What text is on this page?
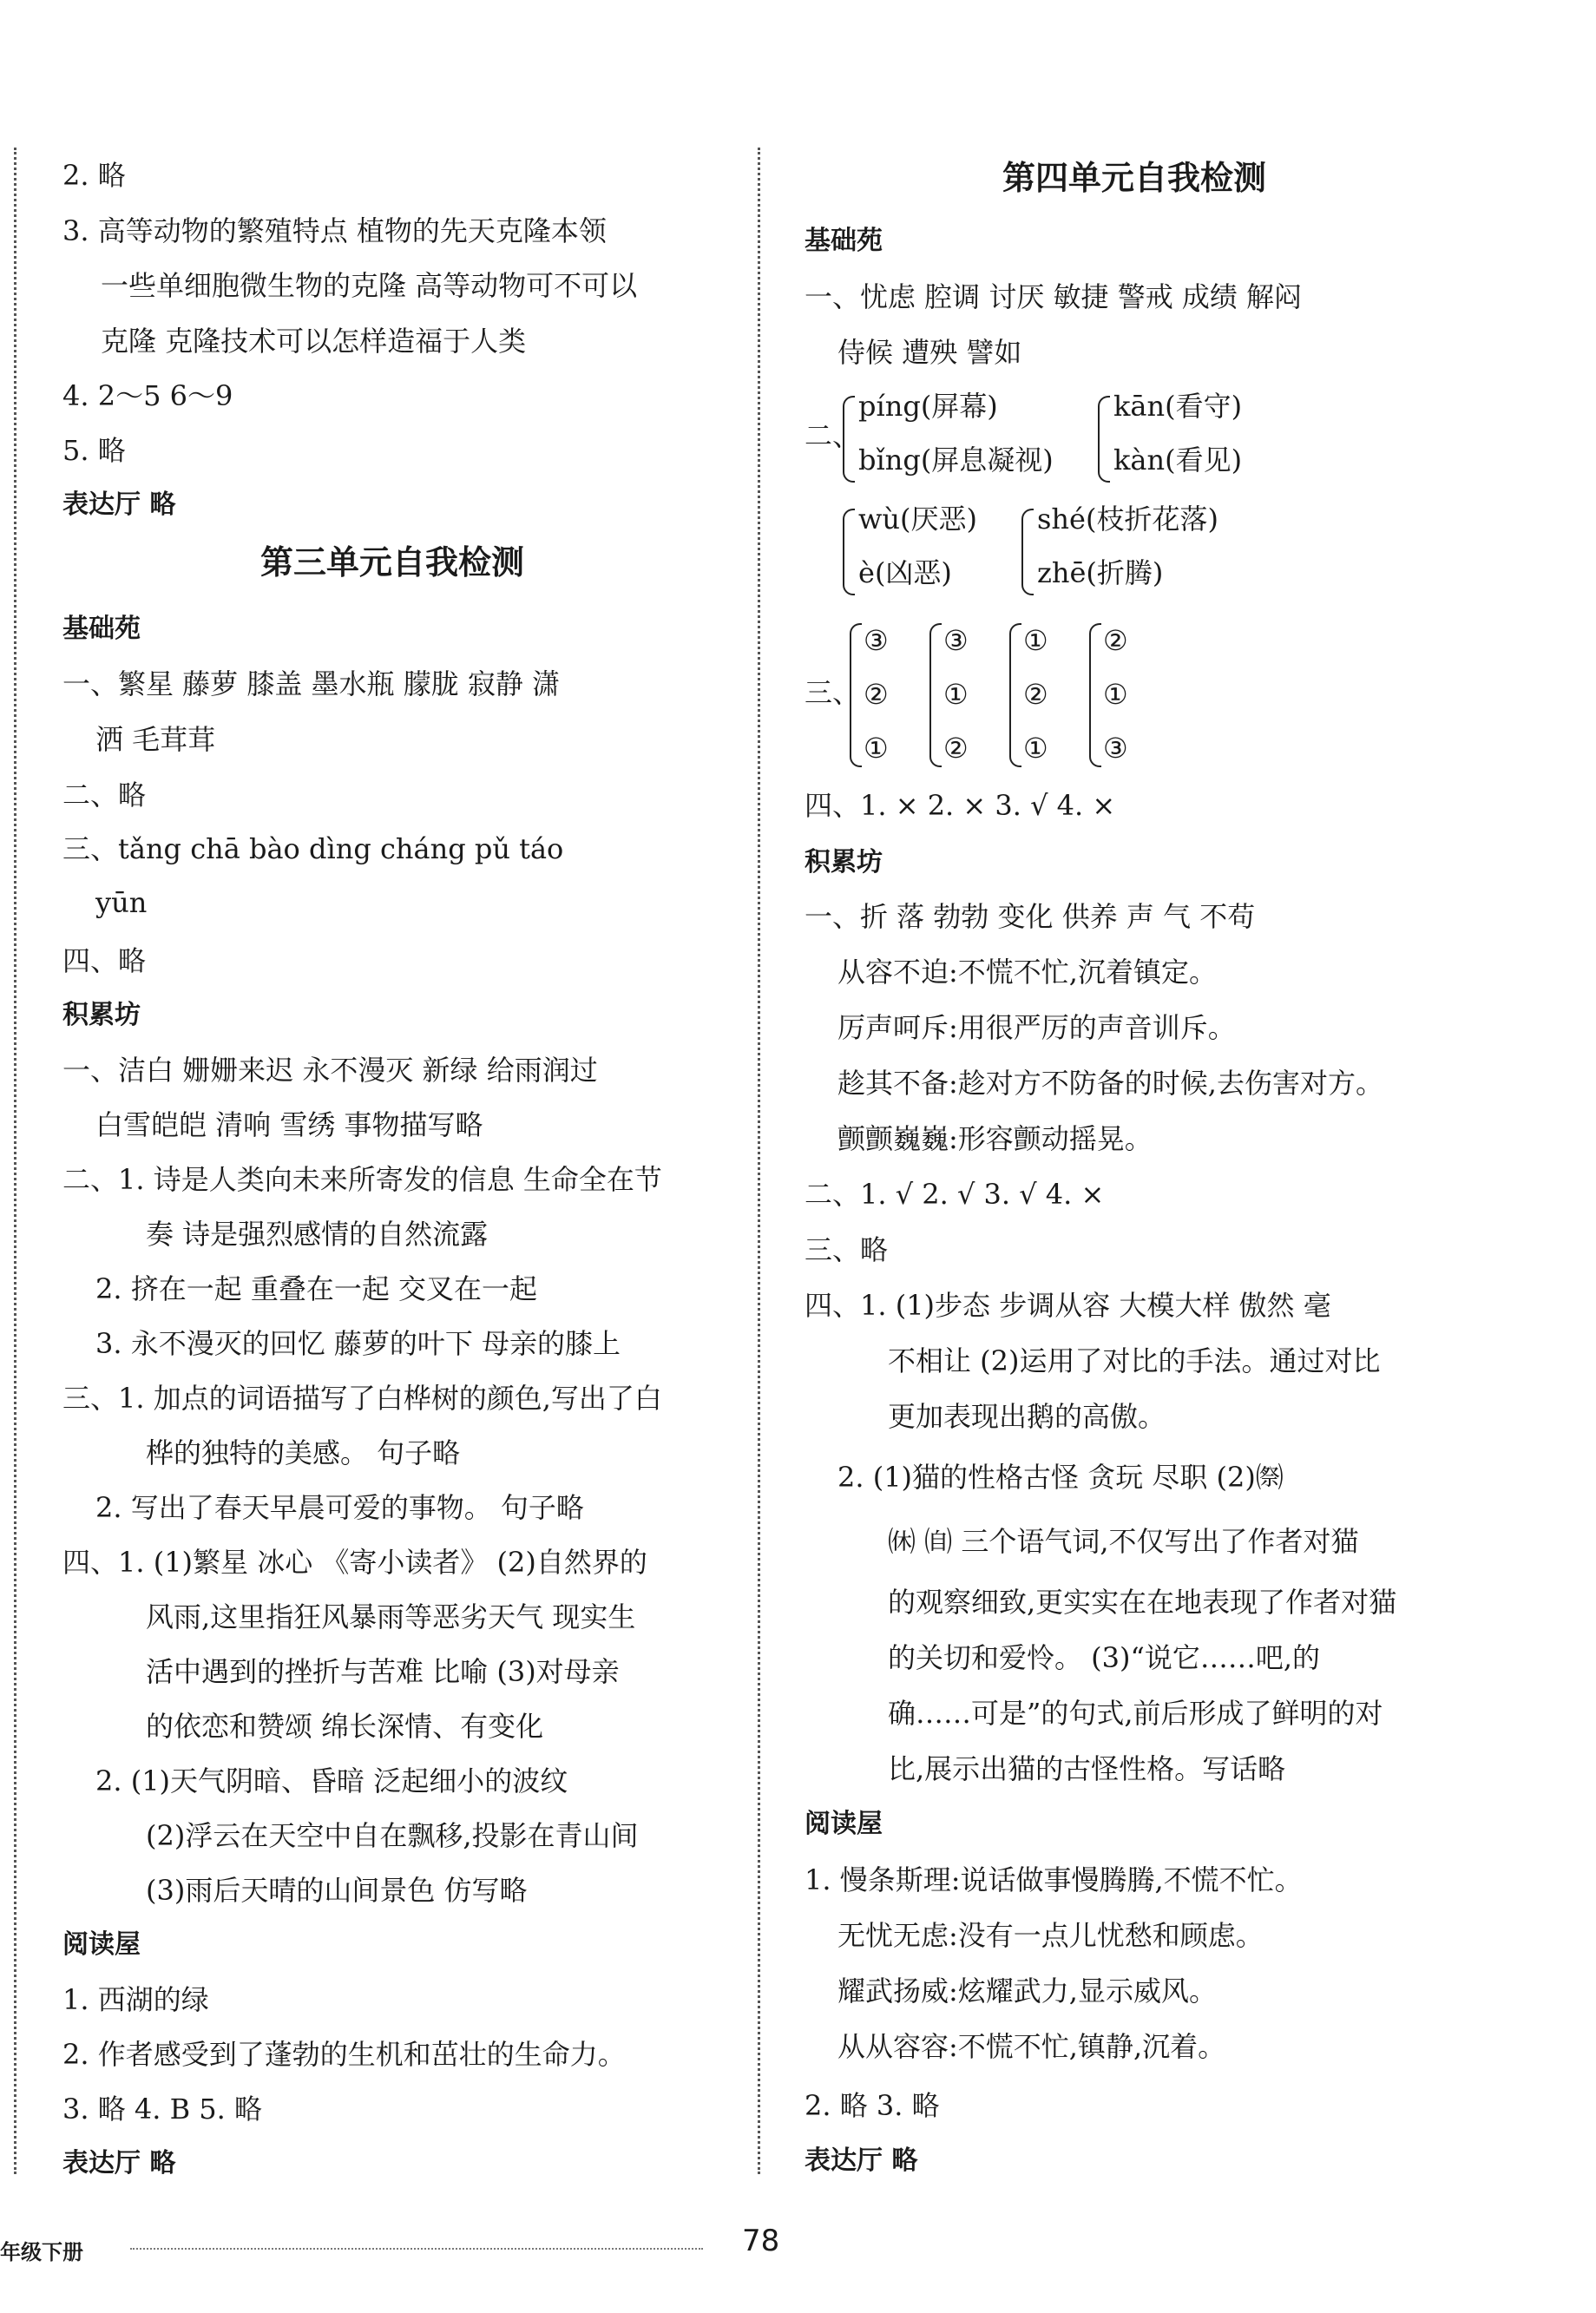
2. 略
3. 高等动物的繁殖特点 植物的先天克隆本领
一些单细胞微生物的克隆 高等动物可不可以
克隆 克隆技术可以怎样造福于人类
4. 2～5 6～9
5. 略
表达厅 略
第三单元自我检测
基础苑
一、繁星 藤萝 膝盖 墨水瓶 朦胧 寂静 潇
洒 毛茸茸
二、略
三、tǎng chā bào dìng cháng pǔ táo
yūn
四、略
积累坊
一、洁白 姗姗来迟 永不漫灭 新绿 给雨润过
白雪皑皑 清响 雪绣 事物描写略
二、1. 诗是人类向未来所寄发的信息 生命全在节
奏 诗是强烈感情的自然流露
2. 挤在一起 重叠在一起 交叉在一起
3. 永不漫灭的回忆 藤萝的叶下 母亲的膝上
三、1. 加点的词语描写了白桦树的颜色,写出了白
桦的独特的美感。 句子略
2. 写出了春天早晨可爱的事物。 句子略
四、1. (1)繁星 冰心 《寄小读者》 (2)自然界的
风雨,这里指狂风暴雨等恶劣天气 现实生
活中遇到的挫折与苦难 比喻 (3)对母亲
的依恋和赞颂 绵长深情、有变化
2. (1)天气阴暗、昏暗 泛起细小的波纹
(2)浮云在天空中自在飘移,投影在青山间
(3)雨后天晴的山间景色 仿写略
阅读屋
1. 西湖的绿
2. 作者感受到了蓬勃的生机和茁壮的生命力。
3. 略 4. B 5. 略
表达厅 略
第四单元自我检测
基础苑
一、忧虑 腔调 讨厌 敏捷 警戒 成绩 解闷
侍候 遭殃 譬如
二、
píng(屏幕)
bǐng(屏息凝视)
kān(看守)
kàn(看见)
wù(厌恶)
è(凶恶)
shé(枝折花落)
zhē(折腾)
三、
③
②
①
③
①
②
①
②
①
②
①
③
四、1. × 2. × 3. √ 4. ×
积累坊
一、折 落 勃勃 变化 供养 声 气 不苟
从容不迫:不慌不忙,沉着镇定。
厉声呵斥:用很严厉的声音训斥。
趁其不备:趁对方不防备的时候,去伤害对方。
颤颤巍巍:形容颤动摇晃。
二、1. √ 2. √ 3. √ 4. ×
三、略
四、1. (1)步态 步调从容 大模大样 傲然 毫
不相让 (2)运用了对比的手法。通过对比
更加表现出鹅的高傲。
2. (1)猫的性格古怪 贪玩 尽职 (2)㉀
㉁ ㉂ 三个语气词,不仅写出了作者对猫
的观察细致,更实实在在地表现了作者对猫
的关切和爱怜。 (3)“说它……吧,的
确……可是”的句式,前后形成了鲜明的对
比,展示出猫的古怪性格。写话略
阅读屋
1. 慢条斯理:说话做事慢腾腾,不慌不忙。
无忧无虑:没有一点儿忧愁和顾虑。
耀武扬威:炫耀武力,显示威风。
从从容容:不慌不忙,镇静,沉着。
2. 略 3. 略
表达厅 略
年级下册	78
